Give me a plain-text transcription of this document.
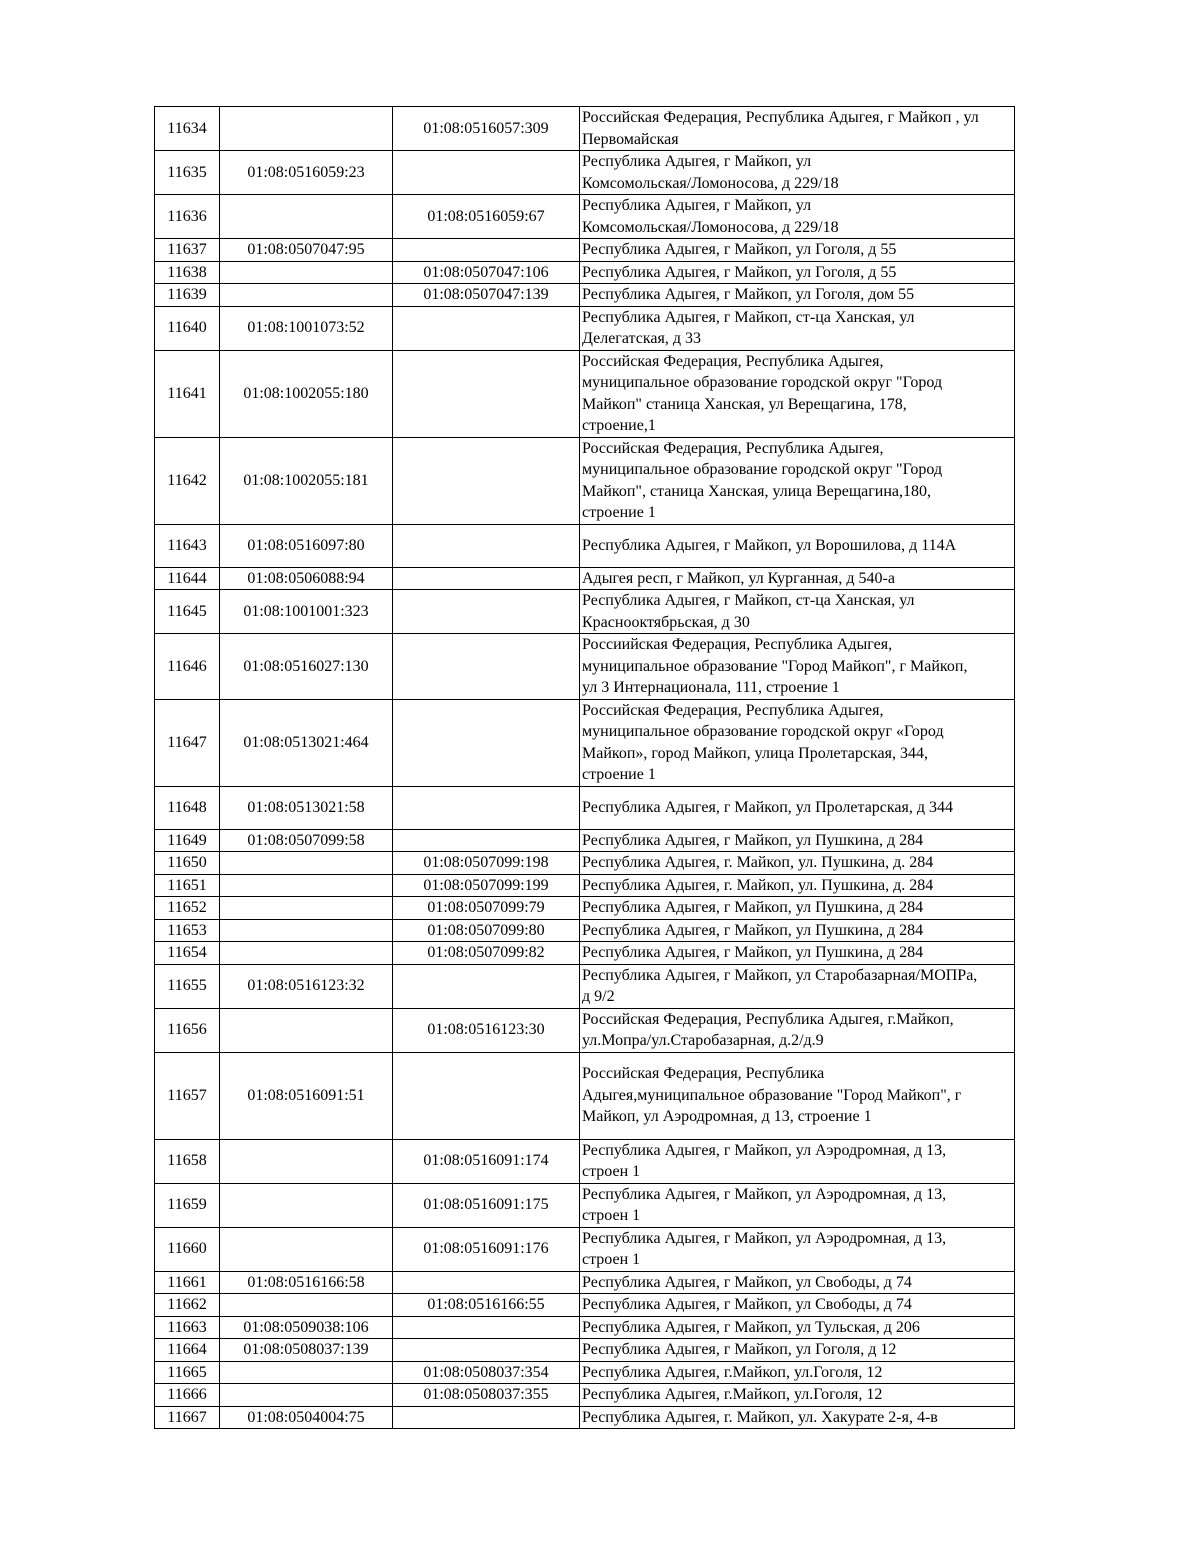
11634		01:08:0516057:309	Российская Федерация, Республика Адыгея, г Майкоп , ул
Первомайская
11635	01:08:0516059:23		Республика Адыгея, г Майкоп, ул
Комсомольская/Ломоносова, д 229/18
11636		01:08:0516059:67	Республика Адыгея, г Майкоп, ул
Комсомольская/Ломоносова, д 229/18
11637	01:08:0507047:95		Республика Адыгея, г Майкоп, ул Гоголя, д 55
11638		01:08:0507047:106	Республика Адыгея, г Майкоп, ул Гоголя, д 55
11639		01:08:0507047:139	Республика Адыгея, г Майкоп, ул Гоголя, дом 55
11640	01:08:1001073:52		Республика Адыгея, г Майкоп, ст-ца Ханская, ул
Делегатская, д 33
11641	01:08:1002055:180		Российская Федерация, Республика Адыгея,
муниципальное образование городской округ "Город
Майкоп" станица Ханская, ул Верещагина, 178,
строение,1
11642	01:08:1002055:181		Российская Федерация, Республика Адыгея,
муниципальное образование городской округ "Город
Майкоп", станица Ханская, улица Верещагина,180,
строение 1
11643	01:08:0516097:80		Республика Адыгея, г Майкоп, ул Ворошилова, д 114А
11644	01:08:0506088:94		Адыгея респ, г Майкоп, ул Курганная, д 540-а
11645	01:08:1001001:323		Республика Адыгея, г Майкоп, ст-ца Ханская, ул
Краснооктябрьская, д 30
11646	01:08:0516027:130		Россиийская Федерация, Республика Адыгея,
муниципальное образование "Город Майкоп", г Майкоп,
ул 3 Интернационала, 111, строение 1
11647	01:08:0513021:464		Российская Федерация, Республика Адыгея,
муниципальное образование городской округ «Город
Майкоп», город Майкоп, улица Пролетарская, 344,
строение 1
11648	01:08:0513021:58		Республика Адыгея, г Майкоп, ул Пролетарская, д 344
11649	01:08:0507099:58		Республика Адыгея, г Майкоп, ул Пушкина, д 284
11650		01:08:0507099:198	Республика Адыгея, г. Майкоп, ул. Пушкина, д. 284
11651		01:08:0507099:199	Республика Адыгея, г. Майкоп, ул. Пушкина, д. 284
11652		01:08:0507099:79	Республика Адыгея, г Майкоп, ул Пушкина, д 284
11653		01:08:0507099:80	Республика Адыгея, г Майкоп, ул Пушкина, д 284
11654		01:08:0507099:82	Республика Адыгея, г Майкоп, ул Пушкина, д 284
11655	01:08:0516123:32		Республика Адыгея, г Майкоп, ул Старобазарная/МОПРа,
д 9/2
11656		01:08:0516123:30	Российская Федерация, Республика Адыгея, г.Майкоп,
ул.Мопра/ул.Старобазарная, д.2/д.9
11657	01:08:0516091:51		Российская Федерация, Республика
Адыгея,муниципальное образование "Город Майкоп", г
Майкоп, ул Аэродромная, д 13, строение 1
11658		01:08:0516091:174	Республика Адыгея, г Майкоп, ул Аэродромная, д 13,
строен 1
11659		01:08:0516091:175	Республика Адыгея, г Майкоп, ул Аэродромная, д 13,
строен 1
11660		01:08:0516091:176	Республика Адыгея, г Майкоп, ул Аэродромная, д 13,
строен 1
11661	01:08:0516166:58		Республика Адыгея, г Майкоп, ул Свободы, д 74
11662		01:08:0516166:55	Республика Адыгея, г Майкоп, ул Свободы, д 74
11663	01:08:0509038:106		Республика Адыгея, г Майкоп, ул Тульская, д 206
11664	01:08:0508037:139		Республика Адыгея, г Майкоп, ул Гоголя, д 12
11665		01:08:0508037:354	Республика Адыгея, г.Майкоп, ул.Гоголя, 12
11666		01:08:0508037:355	Республика Адыгея, г.Майкоп, ул.Гоголя, 12
11667	01:08:0504004:75		Республика Адыгея, г. Майкоп, ул. Хакурате 2-я, 4-в
